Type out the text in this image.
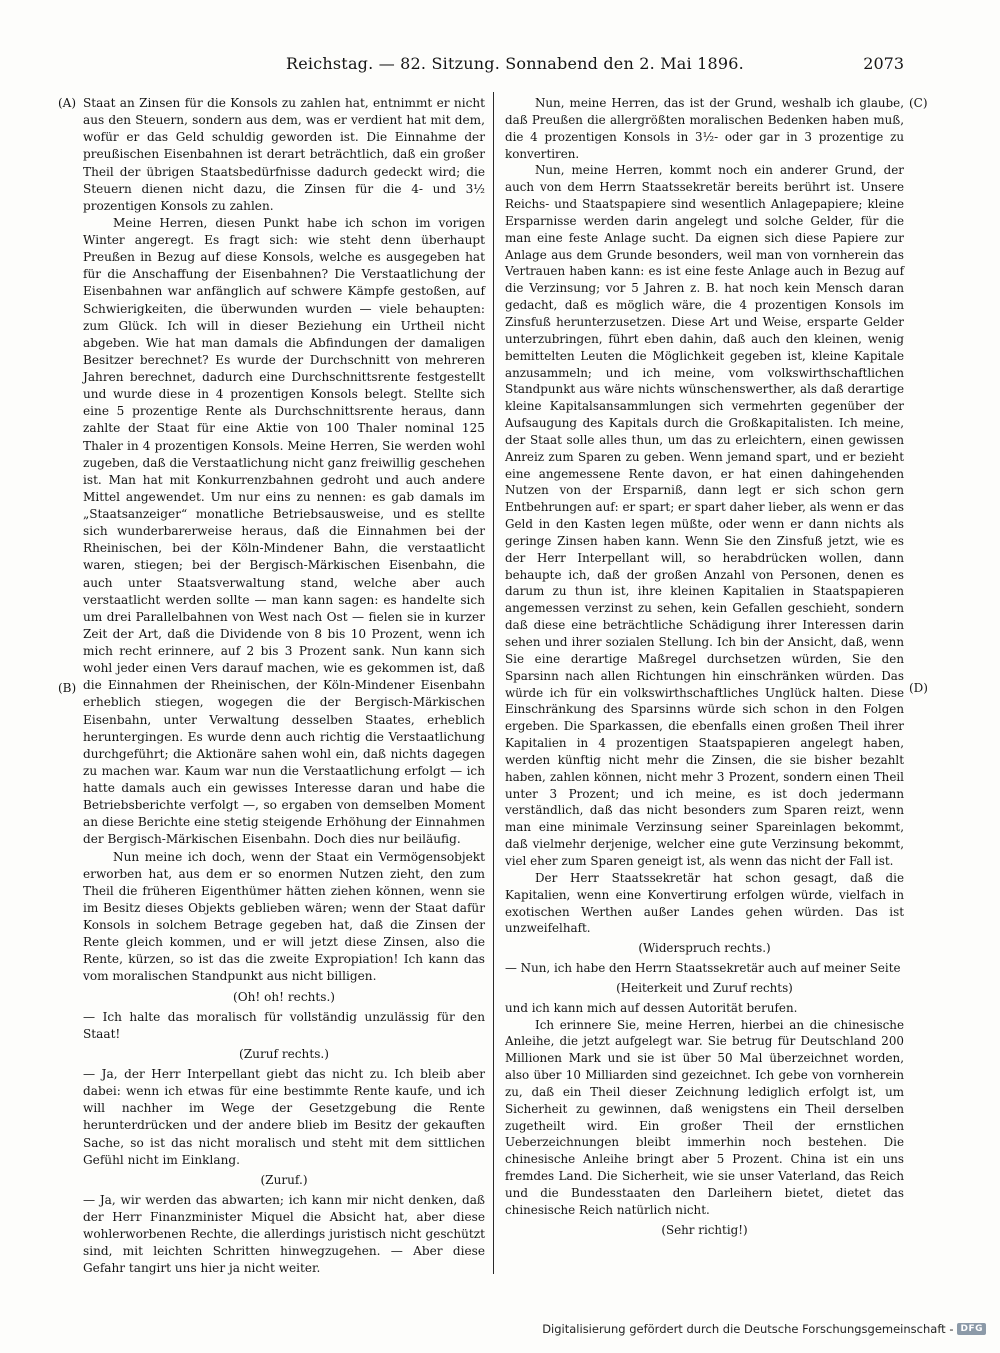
Reichstag. — 82. Sitzung. Sonnabend den 2. Mai 1896.	2073
(A)
(B)
(C)
(D)

Staat an Zinsen für die Konsols zu zahlen hat, entnimmt er nicht aus den Steuern, sondern aus dem, was er verdient hat mit dem, wofür er das Geld schuldig geworden ist. Die Einnahme der preußischen Eisenbahnen ist derart beträchtlich, daß ein großer Theil der übrigen Staatsbedürfnisse dadurch gedeckt wird; die Steuern dienen nicht dazu, die Zinsen für die 4- und 3½ prozentigen Konsols zu zahlen.

Meine Herren, diesen Punkt habe ich schon im vorigen Winter angeregt. Es fragt sich: wie steht denn überhaupt Preußen in Bezug auf diese Konsols, welche es ausgegeben hat für die Anschaffung der Eisenbahnen? Die Verstaatlichung der Eisenbahnen war anfänglich auf schwere Kämpfe gestoßen, auf Schwierigkeiten, die überwunden wurden — viele behaupten: zum Glück. Ich will in dieser Beziehung ein Urtheil nicht abgeben. Wie hat man damals die Abfindungen der damaligen Besitzer berechnet? Es wurde der Durchschnitt von mehreren Jahren berechnet, dadurch eine Durchschnittsrente festgestellt und wurde diese in 4 prozentigen Konsols belegt. Stellte sich eine 5 prozentige Rente als Durchschnittsrente heraus, dann zahlte der Staat für eine Aktie von 100 Thaler nominal 125 Thaler in 4 prozentigen Konsols. Meine Herren, Sie werden wohl zugeben, daß die Verstaatlichung nicht ganz freiwillig geschehen ist. Man hat mit Konkurrenzbahnen gedroht und auch andere Mittel angewendet. Um nur eins zu nennen: es gab damals im „Staatsanzeiger“ monatliche Betriebsausweise, und es stellte sich wunderbarerweise heraus, daß die Einnahmen bei der Rheinischen, bei der Köln-Mindener Bahn, die verstaatlicht waren, stiegen; bei der Bergisch-Märkischen Eisenbahn, die auch unter Staatsverwaltung stand, welche aber auch verstaatlicht werden sollte — man kann sagen: es handelte sich um drei Parallelbahnen von West nach Ost — fielen sie in kurzer Zeit der Art, daß die Dividende von 8 bis 10 Prozent, wenn ich mich recht erinnere, auf 2 bis 3 Prozent sank. Nun kann sich wohl jeder einen Vers darauf machen, wie es gekommen ist, daß die Einnahmen der Rheinischen, der Köln-Mindener Eisenbahn erheblich stiegen, wogegen die der Bergisch-Märkischen Eisenbahn, unter Verwaltung desselben Staates, erheblich heruntergingen. Es wurde denn auch richtig die Verstaatlichung durchgeführt; die Aktionäre sahen wohl ein, daß nichts dagegen zu machen war. Kaum war nun die Verstaatlichung erfolgt — ich hatte damals auch ein gewisses Interesse daran und habe die Betriebsberichte verfolgt —, so ergaben von demselben Moment an diese Berichte eine stetig steigende Erhöhung der Einnahmen der Bergisch-Märkischen Eisenbahn. Doch dies nur beiläufig.

Nun meine ich doch, wenn der Staat ein Vermögensobjekt erworben hat, aus dem er so enormen Nutzen zieht, den zum Theil die früheren Eigenthümer hätten ziehen können, wenn sie im Besitz dieses Objekts geblieben wären; wenn der Staat dafür Konsols in solchem Betrage gegeben hat, daß die Zinsen der Rente gleich kommen, und er will jetzt diese Zinsen, also die Rente, kürzen, so ist das die zweite Expropiation! Ich kann das vom moralischen Standpunkt aus nicht billigen.

(Oh! oh! rechts.)

— Ich halte das moralisch für vollständig unzulässig für den Staat!

(Zuruf rechts.)

— Ja, der Herr Interpellant giebt das nicht zu. Ich bleib aber dabei: wenn ich etwas für eine bestimmte Rente kaufe, und ich will nachher im Wege der Gesetzgebung die Rente herunterdrücken und der andere blieb im Besitz der gekauften Sache, so ist das nicht moralisch und steht mit dem sittlichen Gefühl nicht im Einklang.

(Zuruf.)

— Ja, wir werden das abwarten; ich kann mir nicht denken, daß der Herr Finanzminister Miquel die Absicht hat, aber diese wohlerworbenen Rechte, die allerdings juristisch nicht geschützt sind, mit leichten Schritten hinwegzugehen. — Aber diese Gefahr tangirt uns hier ja nicht weiter.

Nun, meine Herren, das ist der Grund, weshalb ich glaube, daß Preußen die allergrößten moralischen Bedenken haben muß, die 4 prozentigen Konsols in 3½- oder gar in 3 prozentige zu konvertiren.

Nun, meine Herren, kommt noch ein anderer Grund, der auch von dem Herrn Staatssekretär bereits berührt ist. Unsere Reichs- und Staatspapiere sind wesentlich Anlagepapiere; kleine Ersparnisse werden darin angelegt und solche Gelder, für die man eine feste Anlage sucht. Da eignen sich diese Papiere zur Anlage aus dem Grunde besonders, weil man von vornherein das Vertrauen haben kann: es ist eine feste Anlage auch in Bezug auf die Verzinsung; vor 5 Jahren z. B. hat noch kein Mensch daran gedacht, daß es möglich wäre, die 4 prozentigen Konsols im Zinsfuß herunterzusetzen. Diese Art und Weise, ersparte Gelder unterzubringen, führt eben dahin, daß auch den kleinen, wenig bemittelten Leuten die Möglichkeit gegeben ist, kleine Kapitale anzusammeln; und ich meine, vom volkswirthschaftlichen Standpunkt aus wäre nichts wünschenswerther, als daß derartige kleine Kapitalsansammlungen sich vermehrten gegenüber der Aufsaugung des Kapitals durch die Großkapitalisten. Ich meine, der Staat solle alles thun, um das zu erleichtern, einen gewissen Anreiz zum Sparen zu geben. Wenn jemand spart, und er bezieht eine angemessene Rente davon, er hat einen dahingehenden Nutzen von der Ersparniß, dann legt er sich schon gern Entbehrungen auf: er spart; er spart daher lieber, als wenn er das Geld in den Kasten legen müßte, oder wenn er dann nichts als geringe Zinsen haben kann. Wenn Sie den Zinsfuß jetzt, wie es der Herr Interpellant will, so herabdrücken wollen, dann behaupte ich, daß der großen Anzahl von Personen, denen es darum zu thun ist, ihre kleinen Kapitalien in Staatspapieren angemessen verzinst zu sehen, kein Gefallen geschieht, sondern daß diese eine beträchtliche Schädigung ihrer Interessen darin sehen und ihrer sozialen Stellung. Ich bin der Ansicht, daß, wenn Sie eine derartige Maßregel durchsetzen würden, Sie den Sparsinn nach allen Richtungen hin einschränken würden. Das würde ich für ein volkswirthschaftliches Unglück halten. Diese Einschränkung des Sparsinns würde sich schon in den Folgen ergeben. Die Sparkassen, die ebenfalls einen großen Theil ihrer Kapitalien in 4 prozentigen Staatspapieren angelegt haben, werden künftig nicht mehr die Zinsen, die sie bisher bezahlt haben, zahlen können, nicht mehr 3 Prozent, sondern einen Theil unter 3 Prozent; und ich meine, es ist doch jedermann verständlich, daß das nicht besonders zum Sparen reizt, wenn man eine minimale Verzinsung seiner Spareinlagen bekommt, daß vielmehr derjenige, welcher eine gute Verzinsung bekommt, viel eher zum Sparen geneigt ist, als wenn das nicht der Fall ist.

Der Herr Staatssekretär hat schon gesagt, daß die Kapitalien, wenn eine Konvertirung erfolgen würde, vielfach in exotischen Werthen außer Landes gehen würden. Das ist unzweifelhaft.

(Widerspruch rechts.)

— Nun, ich habe den Herrn Staatssekretär auch auf meiner Seite

(Heiterkeit und Zuruf rechts)

und ich kann mich auf dessen Autorität berufen.

Ich erinnere Sie, meine Herren, hierbei an die chinesische Anleihe, die jetzt aufgelegt war. Sie betrug für Deutschland 200 Millionen Mark und sie ist über 50 Mal überzeichnet worden, also über 10 Milliarden sind gezeichnet. Ich gebe von vornherein zu, daß ein Theil dieser Zeichnung lediglich erfolgt ist, um Sicherheit zu gewinnen, daß wenigstens ein Theil derselben zugetheilt wird. Ein großer Theil der ernstlichen Ueberzeichnungen bleibt immerhin noch bestehen. Die chinesische Anleihe bringt aber 5 Prozent. China ist ein uns fremdes Land. Die Sicherheit, wie sie unser Vaterland, das Reich und die Bundesstaaten den Darleihern bietet, dietet das chinesische Reich natürlich nicht.

(Sehr richtig!)

Digitalisierung gefördert durch die Deutsche Forschungsgemeinschaft - DFG
